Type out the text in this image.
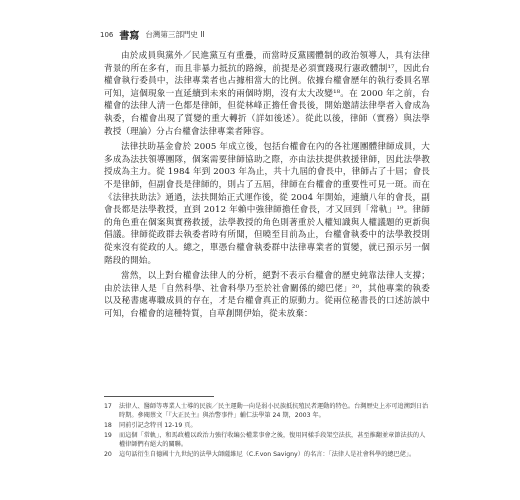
106 書寫 台灣第三部門史 II

由於成員與黨外／民進黨互有重疊，而當時反黨國體制的政治領導人，具有法律背景的所在多有，而且非暴力抵抗的路線，前提是必須實踐現行憲政體制¹⁷，因此台權會執行委員中，法律專業者也占據相當大的比例。依據台權會歷年的執行委員名單可知，這個現象一直延續到未來的兩個時期，沒有太大改變¹⁸。在 2000 年之前，台權會的法律人清一色都是律師，但從林峰正擔任會長後，開始邀請法律學者入會成為執委，台權會出現了質變的重大轉折（詳如後述）。從此以後，律師（實務）與法學教授（理論）分占台權會法律專業者陣容。

法律扶助基金會於 2005 年成立後，包括台權會在內的各社運團體律師成員，大多成為法扶領導團隊，個案需要律師協助之際，亦由法扶提供救援律師，因此法學教授成為主力。從 1984 年到 2003 年為止，共十九屆的會長中，律師占了十屆；會長不是律師，但副會長是律師的，則占了五屆，律師在台權會的重要性可見一斑。而在《法律扶助法》通過，法扶開始正式運作後，從 2004 年開始，連續八年的會長，副會長都是法學教授，直到 2012 年賴中強律師擔任會長，才又回到「常軌」¹⁹。律師的角色重在個案與實務救援，法學教授的角色則著重於人權知識與人權議題的更新與倡議。律師從政群去執委者時有所聞，但曉至目前為止，台權會執委中的法學教授則從來沒有從政的人。總之，單憑台權會執委群中法律專業者的質變，就已預示另一個階段的開始。

當然，以上對台權會法律人的分析，絕對不表示台權會的歷史純靠法律人支撐；由於法律人是「自然科學、社會科學乃至於社會關係的總巴佬」²⁰，其他專業的執委以及秘書處專職成員的存在，才是台權會真正的原動力。從兩位秘書長的口述訪談中可知，台權會的這種特質，自草創開伊始，從未放棄：

17	法律人、醫師等專業人士導的民族／民主運動一向是弱小民族抵抗殖民者運動的特色。台灣歷史上亦可追溯到日治時期。參閱蔡文「『大正民主』與治警事件」輔仁法學第 24 期，2003 年。
18	同前引記念特刊 12-19 頁。
19	而這個「常軌」，和馬政權以政治力強行收編公權業事會之後，復用同樣手段架空法扶，甚至推翻並章節法扶的人權律師們有絕大的關聯。
20	這句話衍生自德國十九世紀的法學大師薩維尼（C.F.von Savigny）的名言：「法律人是社會科學的總巴佬」。
